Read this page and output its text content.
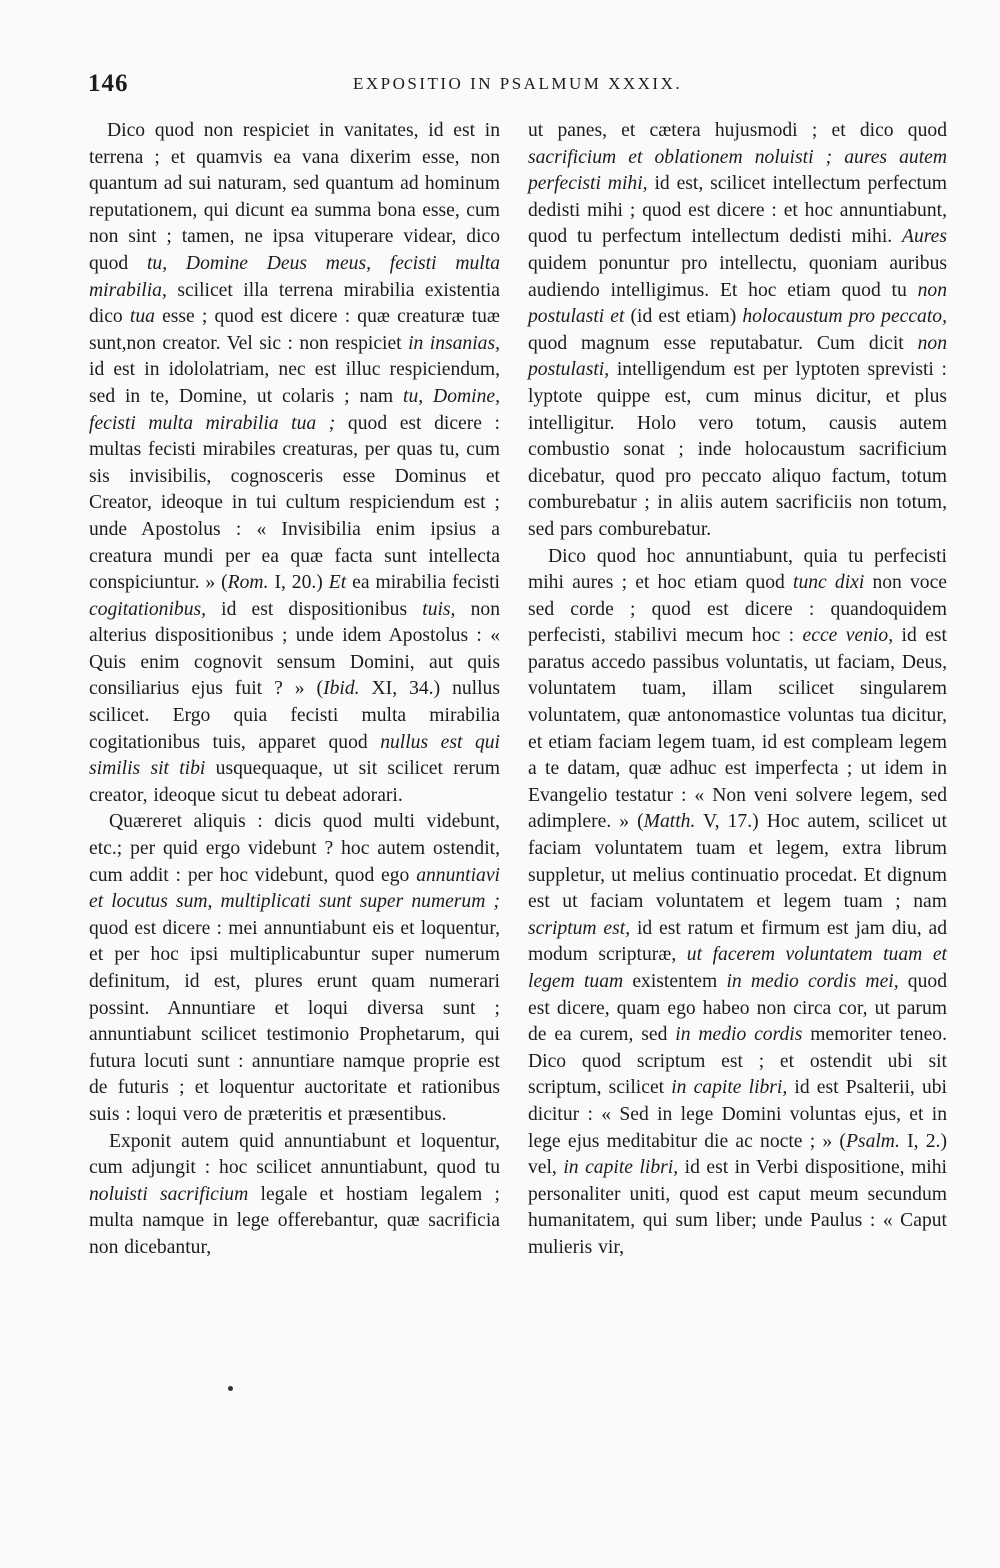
146	EXPOSITIO IN PSALMUM XXXIX.

Dico quod non respiciet in vanitates, id est in terrena ; et quamvis ea vana dixerim esse, non quantum ad sui naturam, sed quantum ad hominum reputationem, qui dicunt ea summa bona esse, cum non sint ; tamen, ne ipsa vituperare videar, dico quod tu, Domine Deus meus, fecisti multa mirabilia, scilicet illa terrena mirabilia existentia dico tua esse ; quod est dicere : quæ creaturæ tuæ sunt,non creator. Vel sic : non respiciet in insanias, id est in idololatriam, nec est illuc respiciendum, sed in te, Domine, ut colaris ; nam tu, Domine, fecisti multa mirabilia tua ; quod est dicere : multas fecisti mirabiles creaturas, per quas tu, cum sis invisibilis, cognosceris esse Dominus et Creator, ideoque in tui cultum respiciendum est ; unde Apostolus : « Invisibilia enim ipsius a creatura mundi per ea quæ facta sunt intellecta conspiciuntur. » (Rom. I, 20.) Et ea mirabilia fecisti cogitationibus, id est dispositionibus tuis, non alterius dispositionibus ; unde idem Apostolus : « Quis enim cognovit sensum Domini, aut quis consiliarius ejus fuit ? » (Ibid. XI, 34.) nullus scilicet. Ergo quia fecisti multa mirabilia cogitationibus tuis, apparet quod nullus est qui similis sit tibi usquequaque, ut sit scilicet rerum creator, ideoque sicut tu debeat adorari.

Quæreret aliquis : dicis quod multi videbunt, etc.; per quid ergo videbunt ? hoc autem ostendit, cum addit : per hoc videbunt, quod ego annuntiavi et locutus sum, multiplicati sunt super numerum ; quod est dicere : mei annuntiabunt eis et loquentur, et per hoc ipsi multiplicabuntur super numerum definitum, id est, plures erunt quam numerari possint. Annuntiare et loqui diversa sunt ; annuntiabunt scilicet testimonio Prophetarum, qui futura locuti sunt : annuntiare namque proprie est de futuris ; et loquentur auctoritate et rationibus suis : loqui vero de præteritis et præsentibus.

Exponit autem quid annuntiabunt et loquentur, cum adjungit : hoc scilicet annuntiabunt, quod tu noluisti sacrificium legale et hostiam legalem ; multa namque in lege offerebantur, quæ sacrificia non dicebantur,

ut panes, et cætera hujusmodi ; et dico quod sacrificium et oblationem noluisti ; aures autem perfecisti mihi, id est, scilicet intellectum perfectum dedisti mihi ; quod est dicere : et hoc annuntiabunt, quod tu perfectum intellectum dedisti mihi. Aures quidem ponuntur pro intellectu, quoniam auribus audiendo intelligimus. Et hoc etiam quod tu non postulasti et (id est etiam) holocaustum pro peccato, quod magnum esse reputabatur. Cum dicit non postulasti, intelligendum est per lyptoten sprevisti : lyptote quippe est, cum minus dicitur, et plus intelligitur. Holo vero totum, causis autem combustio sonat ; inde holocaustum sacrificium dicebatur, quod pro peccato aliquo factum, totum comburebatur ; in aliis autem sacrificiis non totum, sed pars comburebatur.

Dico quod hoc annuntiabunt, quia tu perfecisti mihi aures ; et hoc etiam quod tunc dixi non voce sed corde ; quod est dicere : quandoquidem perfecisti, stabilivi mecum hoc : ecce venio, id est paratus accedo passibus voluntatis, ut faciam, Deus, voluntatem tuam, illam scilicet singularem voluntatem, quæ antonomastice voluntas tua dicitur, et etiam faciam legem tuam, id est compleam legem a te datam, quæ adhuc est imperfecta ; ut idem in Evangelio testatur : « Non veni solvere legem, sed adimplere. » (Matth. V, 17.) Hoc autem, scilicet ut faciam voluntatem tuam et legem, extra librum suppletur, ut melius continuatio procedat. Et dignum est ut faciam voluntatem et legem tuam ; nam scriptum est, id est ratum et firmum est jam diu, ad modum scripturæ, ut facerem voluntatem tuam et legem tuam existentem in medio cordis mei, quod est dicere, quam ego habeo non circa cor, ut parum de ea curem, sed in medio cordis memoriter teneo. Dico quod scriptum est ; et ostendit ubi sit scriptum, scilicet in capite libri, id est Psalterii, ubi dicitur : « Sed in lege Domini voluntas ejus, et in lege ejus meditabitur die ac nocte ; » (Psalm. I, 2.) vel, in capite libri, id est in Verbi dispositione, mihi personaliter uniti, quod est caput meum secundum humanitatem, qui sum liber; unde Paulus : « Caput mulieris vir,
